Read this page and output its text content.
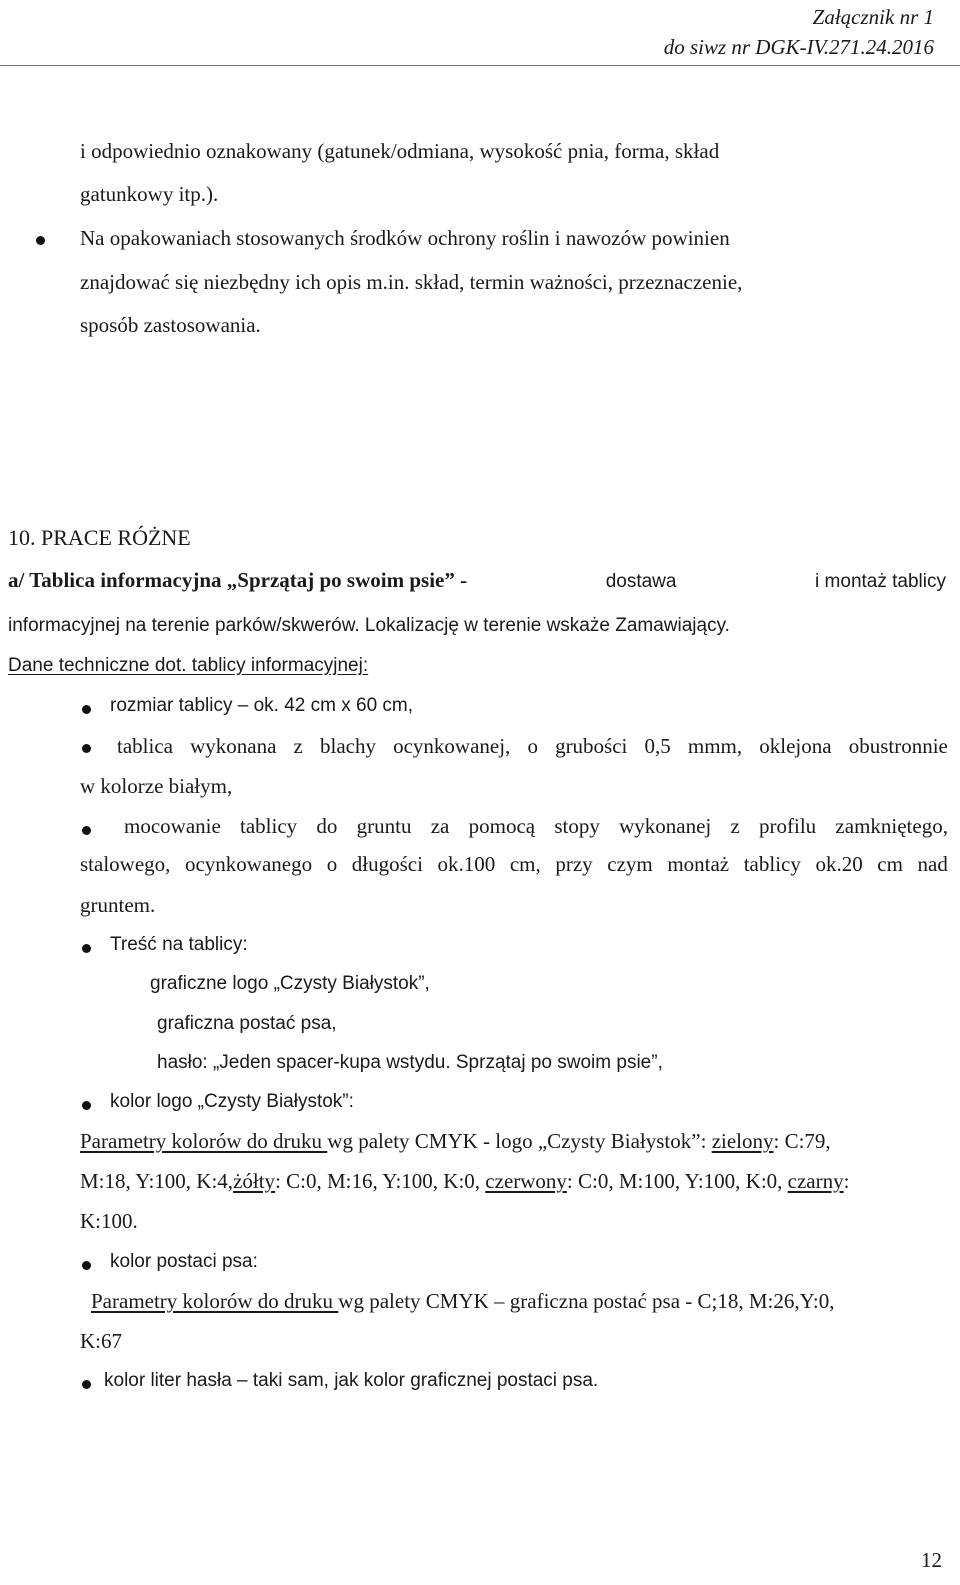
Załącznik nr 1
do siwz nr DGK-IV.271.24.2016
i odpowiednio oznakowany (gatunek/odmiana, wysokość pnia, forma, skład
gatunkowy itp.).
Na opakowaniach stosowanych środków ochrony roślin i nawozów powinien
znajdować się niezbędny ich opis m.in. skład, termin ważności, przeznaczenie,
sposób zastosowania.
10. PRACE RÓŻNE
a/ Tablica informacyjna „Sprzątaj po swoim psie” -	dostawa	i montaż tablicy
informacyjnej na terenie parków/skwerów. Lokalizację w terenie wskaże Zamawiający.
Dane techniczne dot. tablicy informacyjnej:
rozmiar tablicy – ok. 42 cm x 60 cm,
tablica wykonana z blachy ocynkowanej, o grubości 0,5 mmm, oklejona obustronnie
w kolorze białym,
mocowanie tablicy do gruntu za pomocą stopy wykonanej z profilu zamkniętego,
stalowego, ocynkowanego o długości ok.100 cm, przy czym montaż tablicy ok.20 cm nad
gruntem.
Treść na tablicy:
graficzne logo „Czysty Białystok”,
graficzna postać psa,
hasło: „Jeden spacer-kupa wstydu. Sprzątaj po swoim psie”,
kolor logo „Czysty Białystok”:
Parametry kolorów do druku wg palety CMYK - logo „Czysty Białystok”: zielony: C:79,
M:18, Y:100, K:4,żółty: C:0, M:16, Y:100, K:0, czerwony: C:0, M:100, Y:100, K:0, czarny:
K:100.
kolor postaci psa:
Parametry kolorów do druku wg palety CMYK – graficzna postać psa - C;18, M:26,Y:0,
K:67
kolor liter hasła – taki sam, jak kolor graficznej postaci psa.
12
